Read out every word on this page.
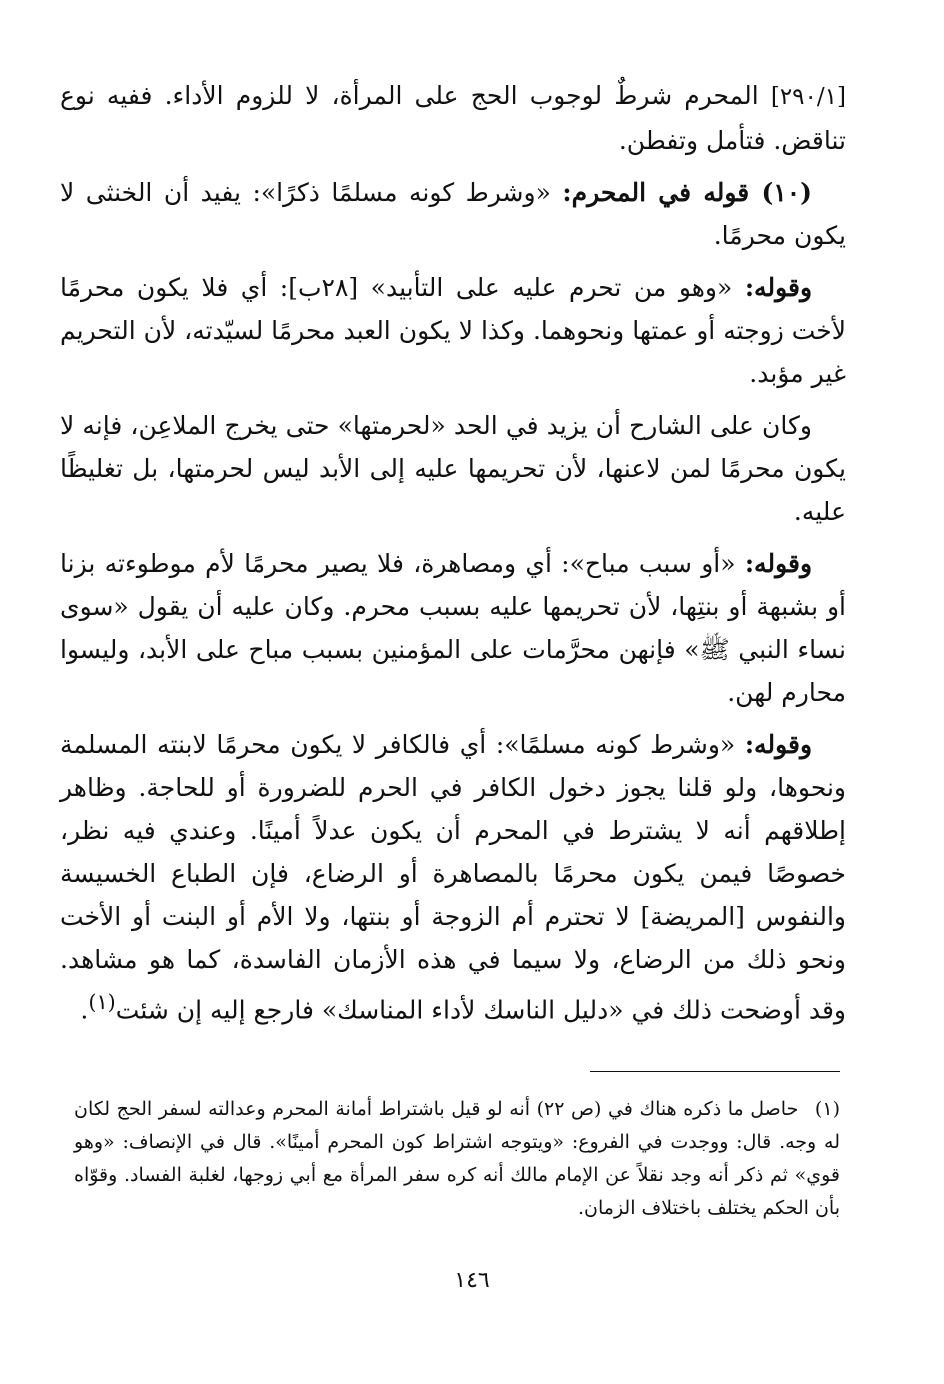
[٢٩٠/١] المحرم شرطٌ لوجوب الحج على المرأة، لا للزوم الأداء. ففيه نوع تناقض. فتأمل وتفطن.

(١٠) قوله في المحرم: «وشرط كونه مسلمًا ذكرًا»: يفيد أن الخنثى لا يكون محرمًا.

وقوله: «وهو من تحرم عليه على التأبيد» [٢٨ب]: أي فلا يكون محرمًا لأخت زوجته أو عمتها ونحوهما. وكذا لا يكون العبد محرمًا لسيّدته، لأن التحريم غير مؤبد.

وكان على الشارح أن يزيد في الحد «لحرمتها» حتى يخرج الملاعِن، فإنه لا يكون محرمًا لمن لاعنها، لأن تحريمها عليه إلى الأبد ليس لحرمتها، بل تغليظًا عليه.

وقوله: «أو سبب مباح»: أي ومصاهرة، فلا يصير محرمًا لأم موطوءته بزنا أو بشبهة أو بنتِها، لأن تحريمها عليه بسبب محرم. وكان عليه أن يقول «سوى نساء النبي ﷺ» فإنهن محرَّمات على المؤمنين بسبب مباح على الأبد، وليسوا محارم لهن.

وقوله: «وشرط كونه مسلمًا»: أي فالكافر لا يكون محرمًا لابنته المسلمة ونحوها، ولو قلنا يجوز دخول الكافر في الحرم للضرورة أو للحاجة. وظاهر إطلاقهم أنه لا يشترط في المحرم أن يكون عدلاً أمينًا. وعندي فيه نظر، خصوصًا فيمن يكون محرمًا بالمصاهرة أو الرضاع، فإن الطباع الخسيسة والنفوس [المريضة] لا تحترم أم الزوجة أو بنتها، ولا الأم أو البنت أو الأخت ونحو ذلك من الرضاع، ولا سيما في هذه الأزمان الفاسدة، كما هو مشاهد. وقد أوضحت ذلك في «دليل الناسك لأداء المناسك» فارجع إليه إن شئت$^{(١)}$.

(١) حاصل ما ذكره هناك في (ص ٢٢) أنه لو قيل باشتراط أمانة المحرم وعدالته لسفر الحج لكان له وجه. قال: ووجدت في الفروع: «ويتوجه اشتراط كون المحرم أمينًا». قال في الإنصاف: «وهو قوي» ثم ذكر أنه وجد نقلاً عن الإمام مالك أنه كره سفر المرأة مع أبي زوجها، لغلبة الفساد. وقوّاه بأن الحكم يختلف باختلاف الزمان.

١٤٦
